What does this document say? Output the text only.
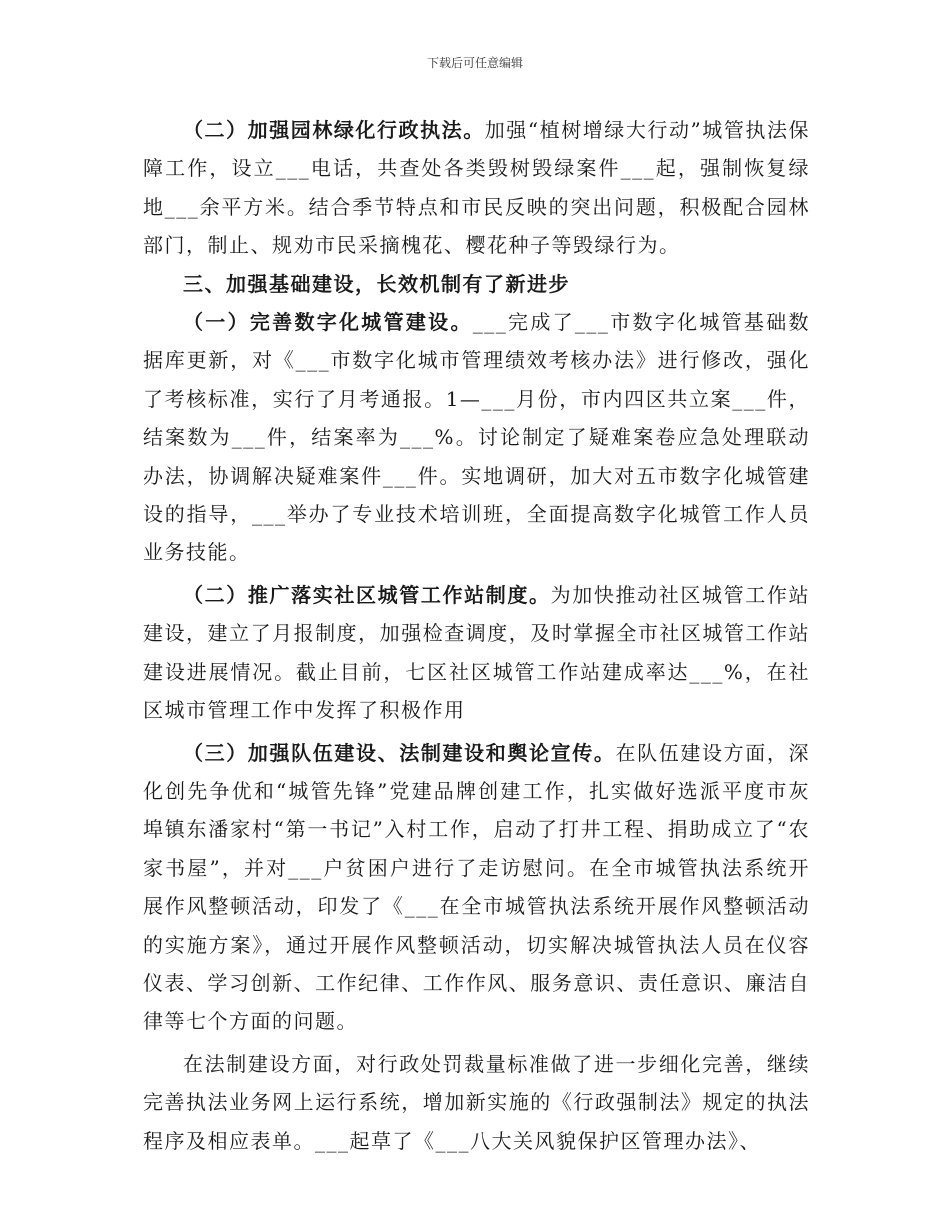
下载后可任意编辑

（二）加强园林绿化行政执法。加强“植树增绿大行动”城管执法保障工作，设立___电话，共查处各类毁树毁绿案件___起，强制恢复绿地___余平方米。结合季节特点和市民反映的突出问题，积极配合园林部门，制止、规劝市民采摘槐花、樱花种子等毁绿行为。

三、加强基础建设，长效机制有了新进步

（一）完善数字化城管建设。___完成了___市数字化城管基础数据库更新，对《___市数字化城市管理绩效考核办法》进行修改，强化了考核标准，实行了月考通报。1—___月份，市内四区共立案___件，结案数为___件，结案率为___%。讨论制定了疑难案卷应急处理联动办法，协调解决疑难案件___件。实地调研，加大对五市数字化城管建设的指导，___举办了专业技术培训班，全面提高数字化城管工作人员业务技能。

（二）推广落实社区城管工作站制度。为加快推动社区城管工作站建设，建立了月报制度，加强检查调度，及时掌握全市社区城管工作站建设进展情况。截止目前，七区社区城管工作站建成率达___%，在社区城市管理工作中发挥了积极作用

（三）加强队伍建设、法制建设和舆论宣传。在队伍建设方面，深化创先争优和“城管先锋”党建品牌创建工作，扎实做好选派平度市灰埠镇东潘家村“第一书记”入村工作，启动了打井工程、捐助成立了“农家书屋”，并对___户贫困户进行了走访慰问。在全市城管执法系统开展作风整顿活动，印发了《___在全市城管执法系统开展作风整顿活动的实施方案》，通过开展作风整顿活动，切实解决城管执法人员在仪容仪表、学习创新、工作纪律、工作作风、服务意识、责任意识、廉洁自律等七个方面的问题。

在法制建设方面，对行政处罚裁量标准做了进一步细化完善，继续完善执法业务网上运行系统，增加新实施的《行政强制法》规定的执法程序及相应表单。___起草了《___八大关风貌保护区管理办法》、
